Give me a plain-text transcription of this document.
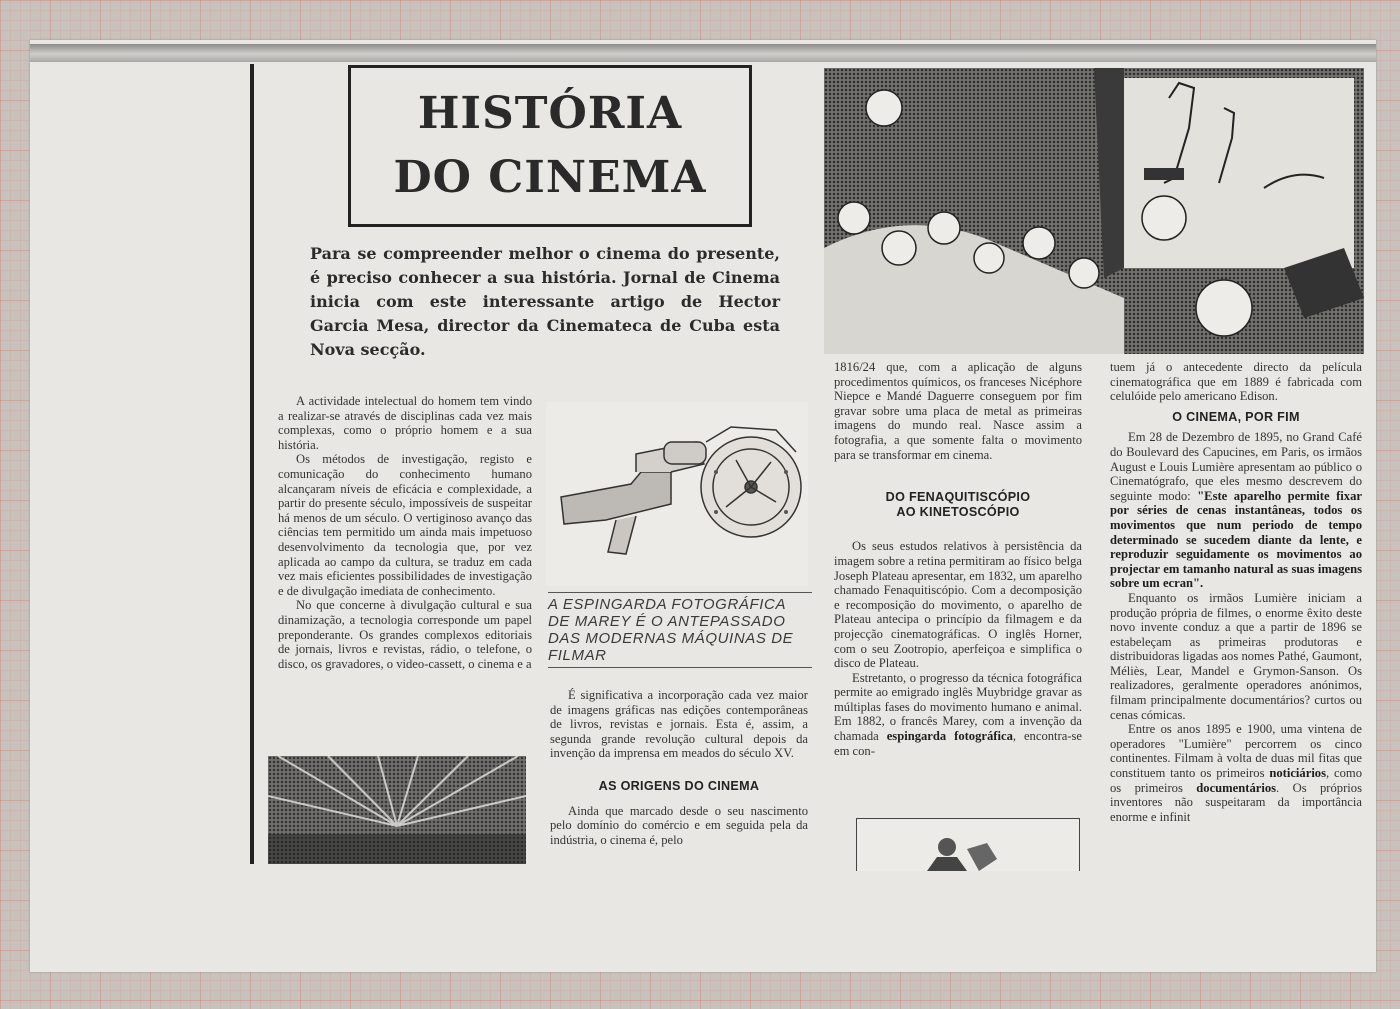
HISTÓRIA
DO CINEMA

Para se compreender melhor o cinema do presente, é preciso conhecer a sua história. Jornal de Cinema inicia com este interessante artigo de Hector Garcia Mesa, director da Cinemateca de Cuba esta Nova secção.

A actividade intelectual do homem tem vindo a realizar-se através de disciplinas cada vez mais complexas, como o próprio homem e a sua história.

Os métodos de investigação, registo e comunicação do conhecimento humano alcançaram níveis de eficácia e complexidade, a partir do presente século, impossíveis de suspeitar há menos de um século. O vertiginoso avanço das ciências tem permitido um ainda mais impetuoso desenvolvimento da tecnologia que, por vez aplicada ao campo da cultura, se traduz em cada vez mais eficientes possibilidades de investigação e de divulgação imediata de conhecimento.

No que concerne à divulgação cultural e sua dinamização, a tecnologia corresponde um papel preponderante. Os grandes complexos editoriais de jornais, livros e revistas, rádio, o telefone, o disco, os gravadores, o video-cassett, o cinema e a

A ESPINGARDA FOTOGRÁFICA DE MAREY É O ANTEPASSADO DAS MODERNAS MÁQUINAS DE FILMAR

É significativa a incorporação cada vez maior de imagens gráficas nas edições contemporâneas de livros, revistas e jornais. Esta é, assim, a segunda grande revolução cultural depois da invenção da imprensa em meados do século XV.

AS ORIGENS DO CINEMA

Ainda que marcado desde o seu nascimento pelo domínio do comércio e em seguida pela da indústria, o cinema é, pelo

1816/24 que, com a aplicação de alguns procedimentos químicos, os franceses Nicéphore Niepce e Mandé Daguerre conseguem por fim gravar sobre uma placa de metal as primeiras imagens do mundo real. Nasce assim a fotografia, a que somente falta o movimento para se transformar em cinema.

DO FENAQUITISCÓPIO
AO KINETOSCÓPIO

Os seus estudos relativos à persistência da imagem sobre a retina permitiram ao físico belga Joseph Plateau apresentar, em 1832, um aparelho chamado Fenaquitiscópio. Com a decomposição e recomposição do movimento, o aparelho de Plateau antecipa o princípio da filmagem e da projecção cinematográficas. O inglês Horner, com o seu Zootropio, aperfeiçoa e simplifica o disco de Plateau.

Estretanto, o progresso da técnica fotográfica permite ao emigrado inglês Muybridge gravar as múltiplas fases do movimento humano e animal. Em 1882, o francês Marey, com a invenção da chamada espingarda fotográfica, encontra-se em con-

tuem já o antecedente directo da película cinematográfica que em 1889 é fabricada com celulóide pelo americano Edison.

O CINEMA, POR FIM

Em 28 de Dezembro de 1895, no Grand Café do Boulevard des Capucines, em Paris, os irmãos August e Louis Lumière apresentam ao público o Cinematógrafo, que eles mesmo descrevem do seguinte modo: "Este aparelho permite fixar por séries de cenas instantâneas, todos os movimentos que num periodo de tempo determinado se sucedem diante da lente, e reproduzir seguidamente os movimentos ao projectar em tamanho natural as suas imagens sobre um ecran".

Enquanto os irmãos Lumière iniciam a produção própria de filmes, o enorme êxito deste novo invente conduz a que a partir de 1896 se estabeleçam as primeiras produtoras e distribuidoras ligadas aos nomes Pathé, Gaumont, Méliès, Lear, Mandel e Grymon-Sanson. Os realizadores, geralmente operadores anónimos, filmam principalmente documentários? curtos ou cenas cómicas.

Entre os anos 1895 e 1900, uma vintena de operadores "Lumière" percorrem os cinco continentes. Filmam à volta de duas mil fitas que constituem tanto os primeiros noticiários, como os primeiros documentários. Os próprios inventores não suspeitaram da importância enorme e infinit
